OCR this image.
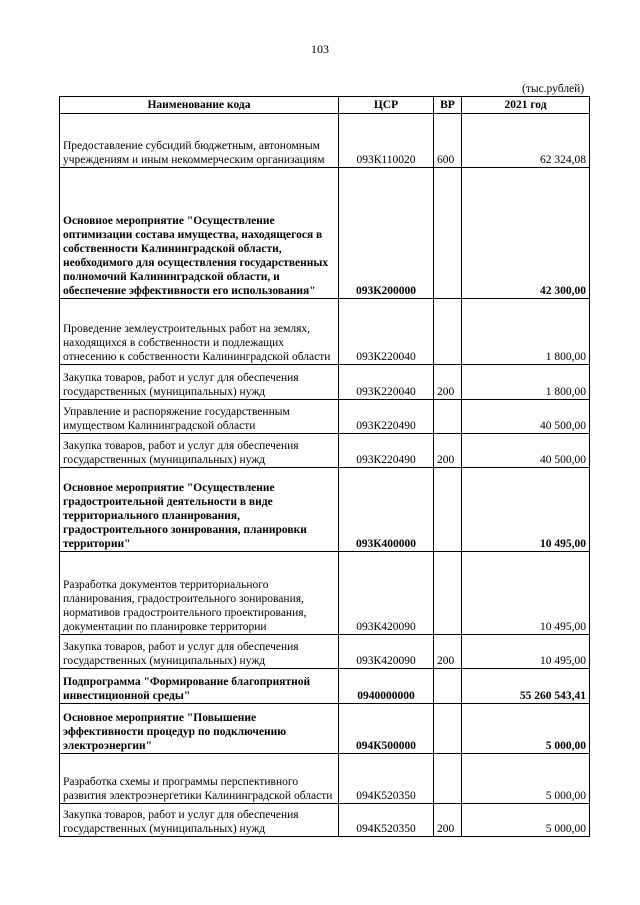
103
(тыс.рублей)
Наименование кода	ЦСР	ВР	2021 год
Предоставление субсидий бюджетным, автономным учреждениям и иным некоммерческим организациям	093К110020	600	62 324,08
Основное мероприятие "Осуществление оптимизации состава имущества, находящегося в собственности Калининградской области, необходимого для осуществления государственных полномочий Калининградской области, и обеспечение эффективности его использования"	093К200000		42 300,00
Проведение землеустроительных работ на землях, находящихся в собственности и подлежащих отнесению к собственности Калининградской области	093К220040		1 800,00
Закупка товаров, работ и услуг для обеспечения государственных (муниципальных) нужд	093К220040	200	1 800,00
Управление и распоряжение государственным имуществом Калининградской области	093К220490		40 500,00
Закупка товаров, работ и услуг для обеспечения государственных (муниципальных) нужд	093К220490	200	40 500,00
Основное мероприятие "Осуществление градостроительной деятельности в виде территориального планирования, градостроительного зонирования, планировки территории"	093К400000		10 495,00
Разработка документов территориального планирования, градостроительного зонирования, нормативов градостроительного проектирования, документации по планировке территории	093К420090		10 495,00
Закупка товаров, работ и услуг для обеспечения государственных (муниципальных) нужд	093К420090	200	10 495,00
Подпрограмма "Формирование благоприятной инвестиционной среды"	0940000000		55 260 543,41
Основное мероприятие "Повышение эффективности процедур по подключению электроэнергии"	094К500000		5 000,00
Разработка схемы и программы перспективного развития электроэнергетики Калининградской области	094К520350		5 000,00
Закупка товаров, работ и услуг для обеспечения государственных (муниципальных) нужд	094К520350	200	5 000,00
